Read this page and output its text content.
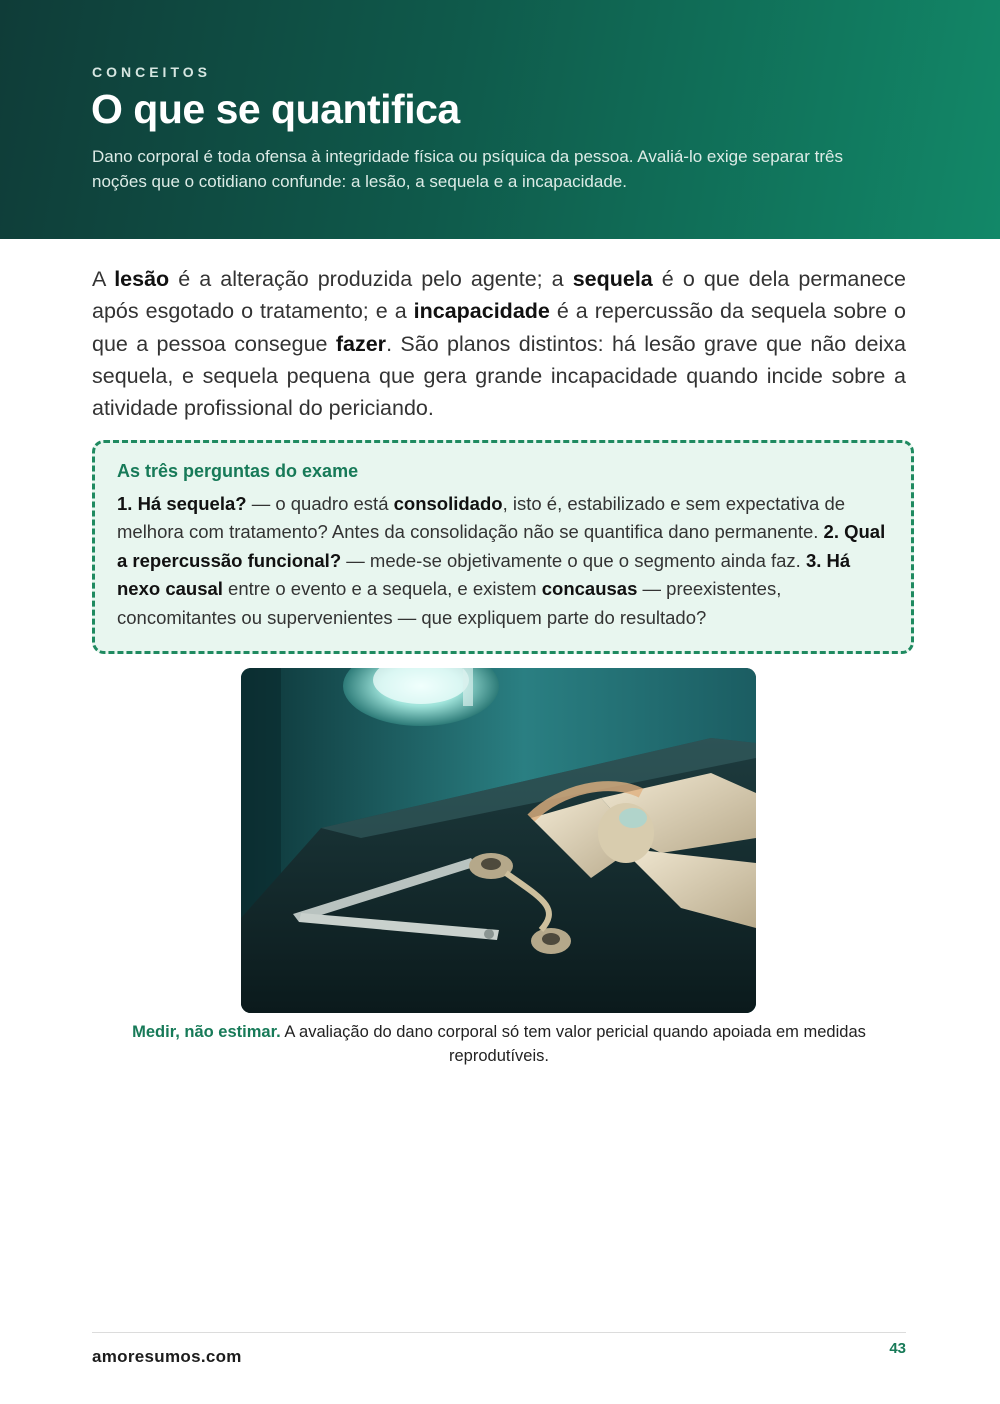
CONCEITOS
O que se quantifica

Dano corporal é toda ofensa à integridade física ou psíquica da pessoa. Avaliá-lo exige separar três noções que o cotidiano confunde: a lesão, a sequela e a incapacidade.

A lesão é a alteração produzida pelo agente; a sequela é o que dela permanece após esgotado o tratamento; e a incapacidade é a repercussão da sequela sobre o que a pessoa consegue fazer. São planos distintos: há lesão grave que não deixa sequela, e sequela pequena que gera grande incapacidade quando incide sobre a atividade profissional do periciando.

As três perguntas do exame

1. Há sequela? — o quadro está consolidado, isto é, estabilizado e sem expectativa de melhora com tratamento? Antes da consolidação não se quantifica dano permanente. 2. Qual a repercussão funcional? — mede-se objetivamente o que o segmento ainda faz. 3. Há nexo causal entre o evento e a sequela, e existem concausas — preexistentes, concomitantes ou supervenientes — que expliquem parte do resultado?

Medir, não estimar. A avaliação do dano corporal só tem valor pericial quando apoiada em medidas reprodutíveis.

amoresumos.com	43
